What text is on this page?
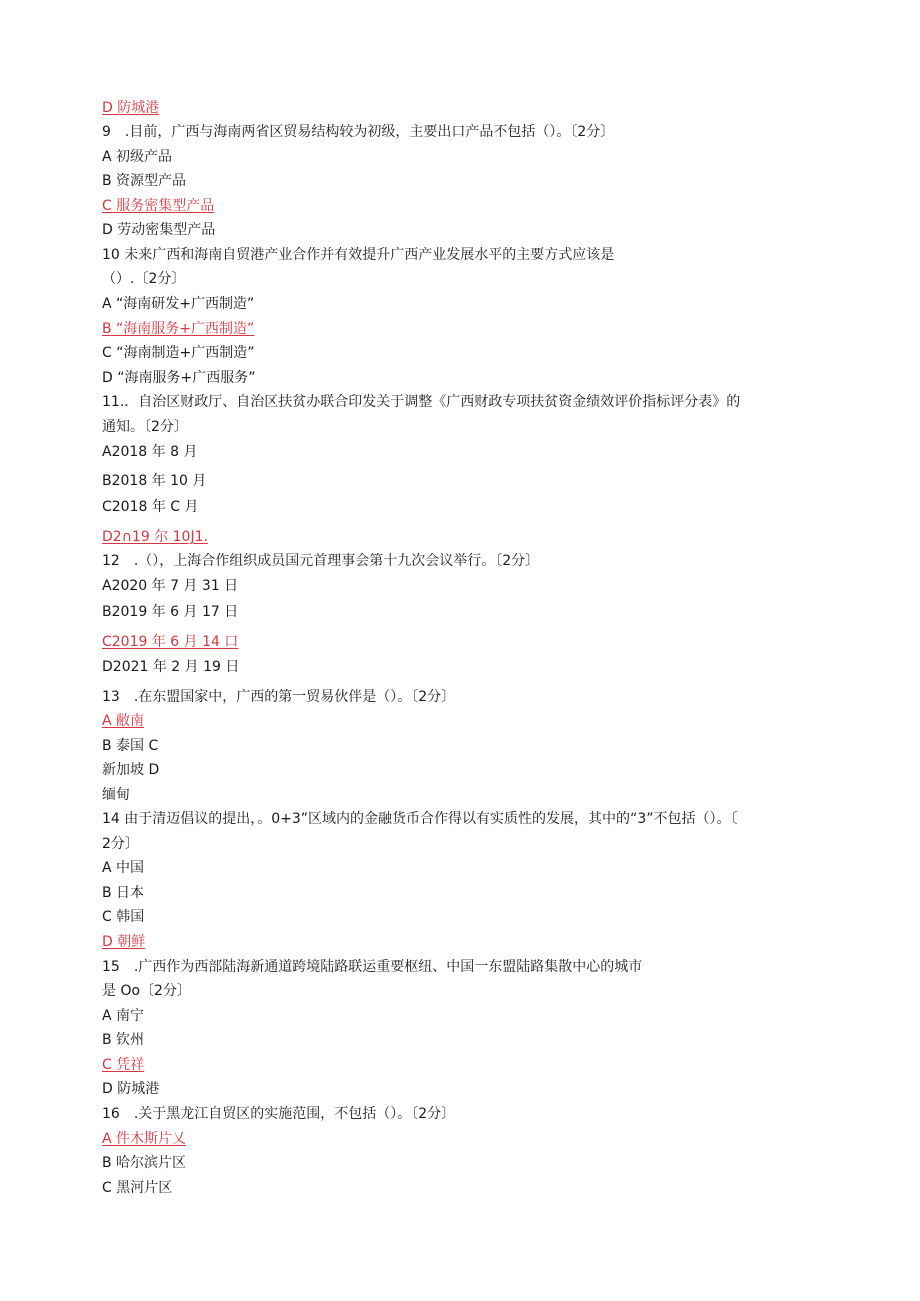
D 防城港
9　.目前，广西与海南两省区贸易结构较为初级，主要出口产品不包括（）。〔2分〕
A 初级产品
B 资源型产品
C 服务密集型产品
D 劳动密集型产品
10 未来广西和海南自贸港产业合作并有效提升广西产业发展水平的主要方式应该是
（）.〔2分〕
A “海南研发+广西制造”
B “海南服务+广西制造”
C “海南制造+广西制造”
D “海南服务+广西服务”
11.．自治区财政厅、自治区扶贫办联合印发关于调整《广西财政专项扶贫资金绩效评价指标评分表》的
通知。〔2分〕
A2018 年 8 月
B2018 年 10 月
C2018 年 C 月
D2∩19 尔 10J1.
12　.（），上海合作组织成员国元首理事会第十九次会议举行。〔2分〕
A2020 年 7 月 31 日
B2019 年 6 月 17 日
C2019 年 6 月 14 口
D2021 年 2 月 19 日
13　.在东盟国家中，广西的第一贸易伙伴是（）。〔2分〕
A 敝南
B 泰国 C
新加坡 D
缅甸
14 由于清迈倡议的提出，。0+3”区域内的金融货币合作得以有实质性的发展，其中的“3”不包括（）。〔
2分〕
A 中国
B 日本
C 韩国
D 朝鲜
15　.广西作为西部陆海新通道跨境陆路联运重要枢纽、中国一东盟陆路集散中心的城市
是 Oo〔2分〕
A 南宁
B 钦州
C 凭祥
D 防城港
16　.关于黑龙江自贸区的实施范围，不包括（）。〔2分〕
A 件木斯片乂
B 哈尔滨片区
C 黑河片区
